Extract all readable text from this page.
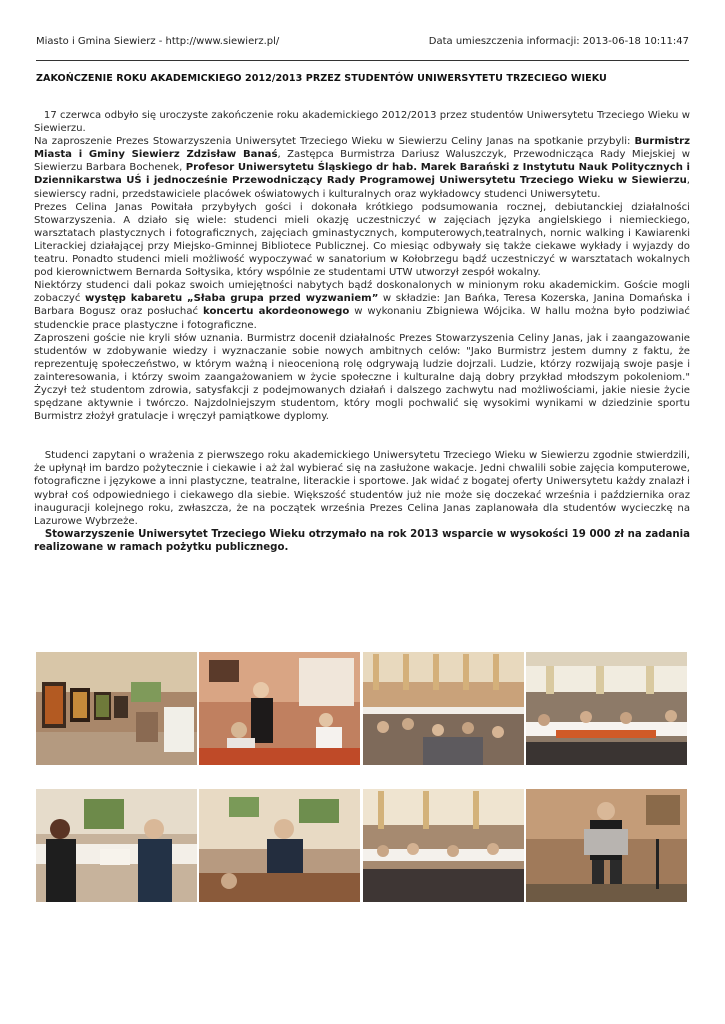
Miasto i Gmina Siewierz - http://www.siewierz.pl/	Data umieszczenia informacji: 2013-06-18 10:11:47
ZAKOŃCZENIE ROKU AKADEMICKIEGO 2012/2013 PRZEZ STUDENTÓW UNIWERSYTETU TRZECIEGO WIEKU

17 czerwca odbyło się uroczyste zakończenie roku akademickiego 2012/2013 przez studentów Uniwersytetu Trzeciego Wieku w Siewierzu.

Na zaproszenie Prezes Stowarzyszenia Uniwersytet Trzeciego Wieku w Siewierzu Celiny Janas na spotkanie przybyli: Burmistrz Miasta i Gminy Siewierz Zdzisław Banaś, Zastępca Burmistrza Dariusz Waluszczyk, Przewodnicząca Rady Miejskiej w Siewierzu Barbara Bochenek, Profesor Uniwersytetu Śląskiego dr hab. Marek Barański z Instytutu Nauk Politycznych i Dziennikarstwa UŚ i jednocześnie Przewodniczący Rady Programowej Uniwersytetu Trzeciego Wieku w Siewierzu, siewierscy radni, przedstawiciele placówek oświatowych i kulturalnych oraz wykładowcy studenci Uniwersytetu.

Prezes Celina Janas Powitała przybyłych gości i dokonała krótkiego podsumowania rocznej, debiutanckiej działalności Stowarzyszenia. A działo się wiele: studenci mieli okazję uczestniczyć w zajęciach języka angielskiego i niemieckiego, warsztatach plastycznych i fotograficznych, zajęciach gminastycznych, komputerowych,teatralnych, nornic walking i Kawiarenki Literackiej działającej przy Miejsko-Gminnej Bibliotece Publicznej. Co miesiąc odbywały się także ciekawe wykłady i wyjazdy do teatru. Ponadto studenci mieli możliwość wypoczywać w sanatorium w Kołobrzegu bądź uczestniczyć w warsztatach wokalnych pod kierownictwem Bernarda Sołtysika, który wspólnie ze studentami UTW utworzył zespół wokalny.

Niektórzy studenci dali pokaz swoich umiejętności nabytych bądź doskonalonych w minionym roku akademickim. Goście mogli zobaczyć występ kabaretu „Słaba grupa przed wyzwaniem” w składzie: Jan Bańka, Teresa Kozerska, Janina Domańska i Barbara Bogusz oraz posłuchać koncertu akordeonowego w wykonaniu Zbigniewa Wójcika. W hallu można było podziwiać studenckie prace plastyczne i fotograficzne.

Zaproszeni goście nie kryli słów uznania. Burmistrz docenił działalnośc Prezes Stowarzyszenia Celiny Janas, jak i zaangazowanie studentów w zdobywanie wiedzy i wyznaczanie sobie nowych ambitnych celów: "Jako Burmistrz jestem dumny z faktu, że reprezentuję społeczeństwo, w którym ważną i nieocenioną rolę odgrywają ludzie dojrzali. Ludzie, którzy rozwijają swoje pasje i zainteresowania, i którzy swoim zaangażowaniem w życie społeczne i kulturalne dają dobry przykład młodszym pokoleniom." Życzył też studentom zdrowia, satysfakcji z podejmowanych działań i dalszego zachwytu nad możliwościami, jakie niesie życie spędzane aktywnie i twórczo. Najzdolniejszym studentom, który mogli pochwalić się wysokimi wynikami w dziedzinie sportu Burmistrz złożył gratulacje i wręczył pamiątkowe dyplomy.

Studenci zapytani o wrażenia z pierwszego roku akademickiego Uniwersytetu Trzeciego Wieku w Siewierzu zgodnie stwierdzili, że upłynął im bardzo pożytecznie i ciekawie i aż żal wybierać się na zasłużone wakacje. Jedni chwalili sobie zajęcia komputerowe, fotograficzne i językowe a inni plastyczne, teatralne, literackie i sportowe. Jak widać z bogatej oferty Uniwersytetu każdy znalazł i wybrał coś odpowiedniego i ciekawego dla siebie. Większość studentów już nie może się doczekać września i października oraz inauguracji kolejnego roku, zwłaszcza, że na początek września Prezes Celina Janas zaplanowała dla studentów wycieczkę na Lazurowe Wybrzeże.

Stowarzyszenie Uniwersytet Trzeciego Wieku otrzymało na rok 2013 wsparcie w wysokości 19 000 zł na zadania realizowane w ramach pożytku publicznego.
